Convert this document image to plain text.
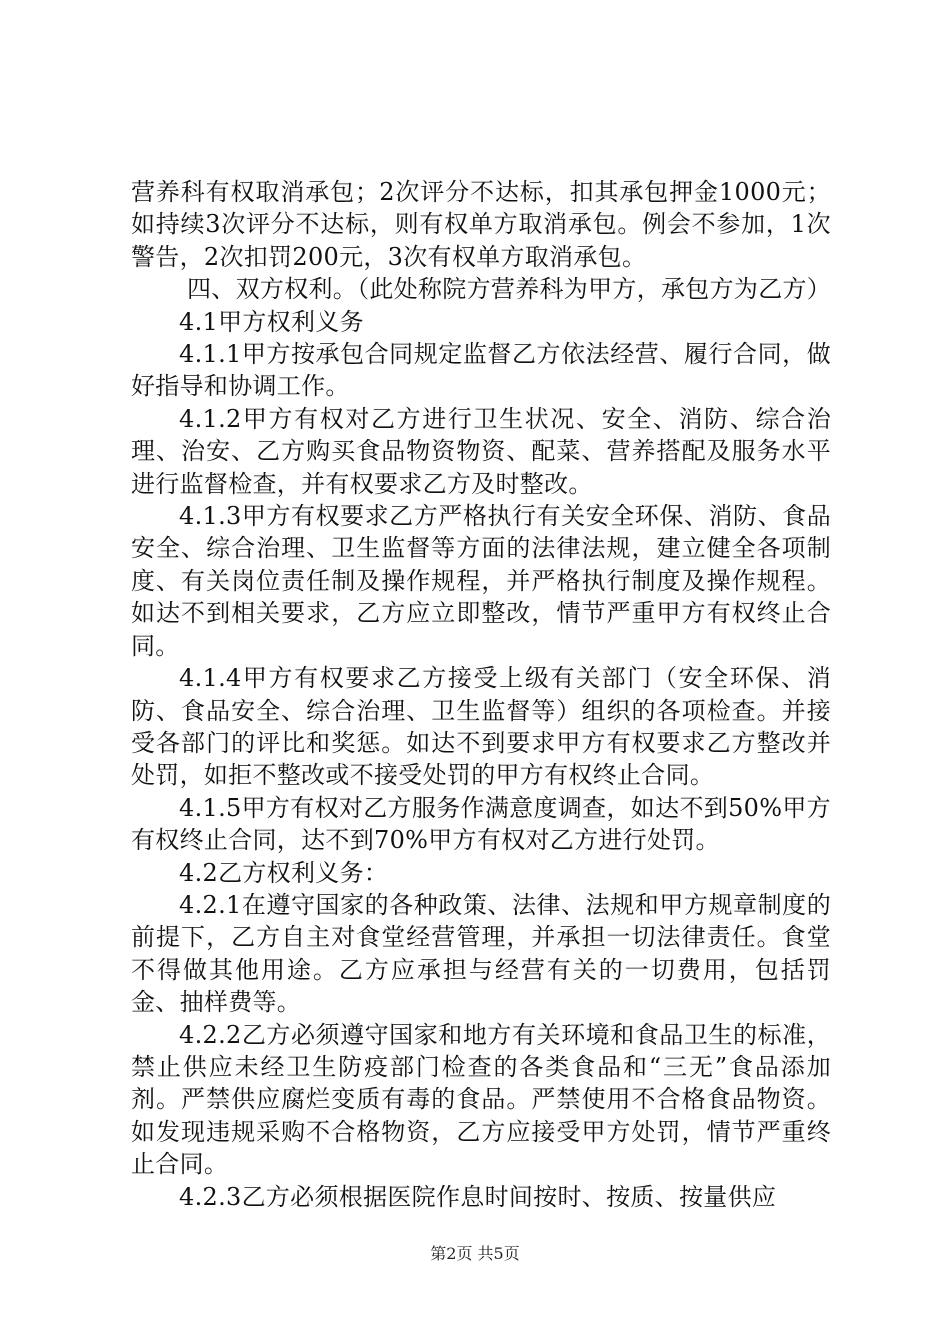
营养科有权取消承包；2次评分不达标，扣其承包押金1000元；如持续3次评分不达标，则有权单方取消承包。例会不参加，1次警告，2次扣罚200元，3次有权单方取消承包。

四、双方权利。（此处称院方营养科为甲方，承包方为乙方）

4.1甲方权利义务

4.1.1甲方按承包合同规定监督乙方依法经营、履行合同，做好指导和协调工作。

4.1.2甲方有权对乙方进行卫生状况、安全、消防、综合治理、治安、乙方购买食品物资物资、配菜、营养搭配及服务水平进行监督检查，并有权要求乙方及时整改。

4.1.3甲方有权要求乙方严格执行有关安全环保、消防、食品安全、综合治理、卫生监督等方面的法律法规，建立健全各项制度、有关岗位责任制及操作规程，并严格执行制度及操作规程。如达不到相关要求，乙方应立即整改，情节严重甲方有权终止合同。

4.1.4甲方有权要求乙方接受上级有关部门（安全环保、消防、食品安全、综合治理、卫生监督等）组织的各项检查。并接受各部门的评比和奖惩。如达不到要求甲方有权要求乙方整改并处罚，如拒不整改或不接受处罚的甲方有权终止合同。

4.1.5甲方有权对乙方服务作满意度调查，如达不到50%甲方有权终止合同，达不到70%甲方有权对乙方进行处罚。

4.2乙方权利义务：

4.2.1在遵守国家的各种政策、法律、法规和甲方规章制度的前提下，乙方自主对食堂经营管理，并承担一切法律责任。食堂不得做其他用途。乙方应承担与经营有关的一切费用，包括罚金、抽样费等。

4.2.2乙方必须遵守国家和地方有关环境和食品卫生的标准，禁止供应未经卫生防疫部门检查的各类食品和“三无”食品添加剂。严禁供应腐烂变质有毒的食品。严禁使用不合格食品物资。如发现违规采购不合格物资，乙方应接受甲方处罚，情节严重终止合同。

4.2.3乙方必须根据医院作息时间按时、按质、按量供应

第2页 共5页
